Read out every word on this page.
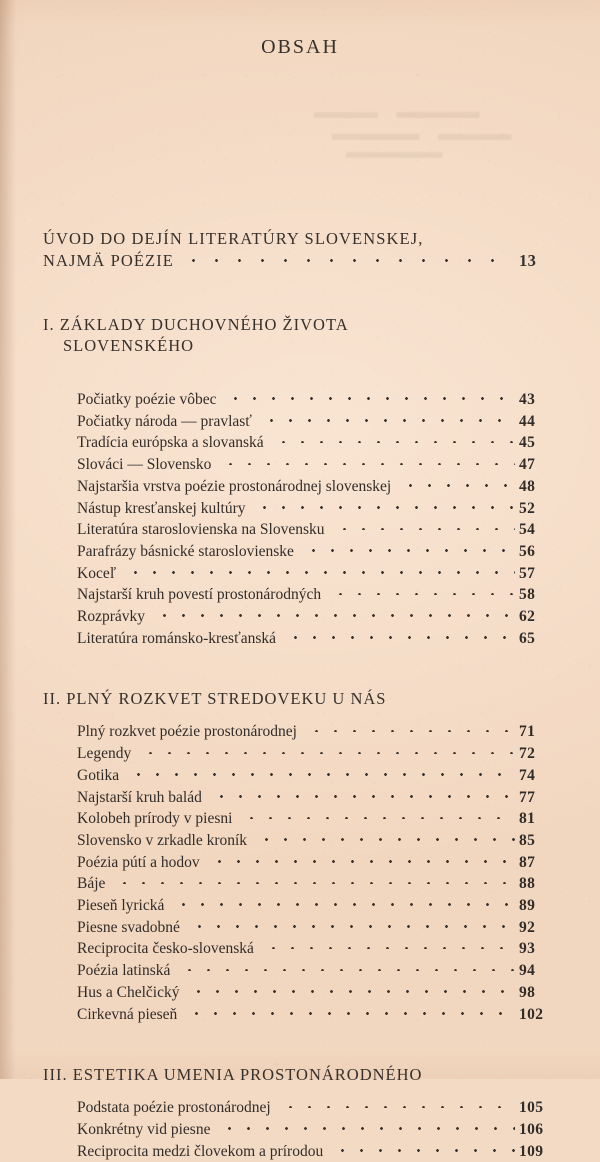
OBSAH
ÚVOD DO DEJÍN LITERATÚRY SLOVENSKEJ,
NAJMÄ POÉZIE	13

I. ZÁKLADY DUCHOVNÉHO ŽIVOTA

SLOVENSKÉHO

Počiatky poézie vôbec	43
Počiatky národa — pravlasť	44
Tradícia európska a slovanská	45
Slováci — Slovensko	47
Najstaršia vrstva poézie prostonárodnej slovenskej	48
Nástup kresťanskej kultúry	52
Literatúra staroslovienska na Slovensku	54
Parafrázy básnické staroslovienske	56
Koceľ	57
Najstarší kruh povestí prostonárodných	58
Rozprávky	62
Literatúra románsko-kresťanská	65

II. PLNÝ ROZKVET STREDOVEKU U NÁS

Plný rozkvet poézie prostonárodnej	71
Legendy	72
Gotika	74
Najstarší kruh balád	77
Kolobeh prírody v piesni	81
Slovensko v zrkadle kroník	85
Poézia pútí a hodov	87
Báje	88
Pieseň lyrická	89
Piesne svadobné	92
Reciprocita česko-slovenská	93
Poézia latinská	94
Hus a Chelčický	98
Cirkevná pieseň	102

III. ESTETIKA UMENIA PROSTONÁRODNÉHO

Podstata poézie prostonárodnej	105
Konkrétny vid piesne	106
Reciprocita medzi človekom a prírodou	109
